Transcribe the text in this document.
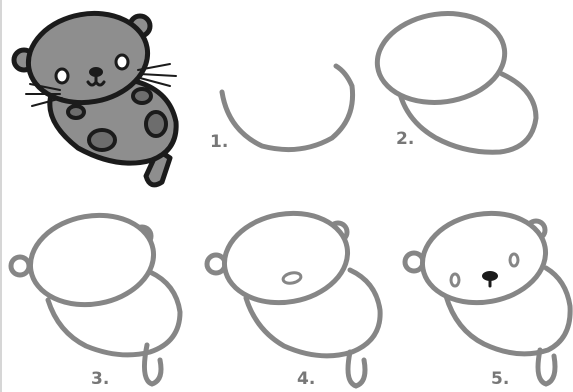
1.	2.
3.	4.	5.
